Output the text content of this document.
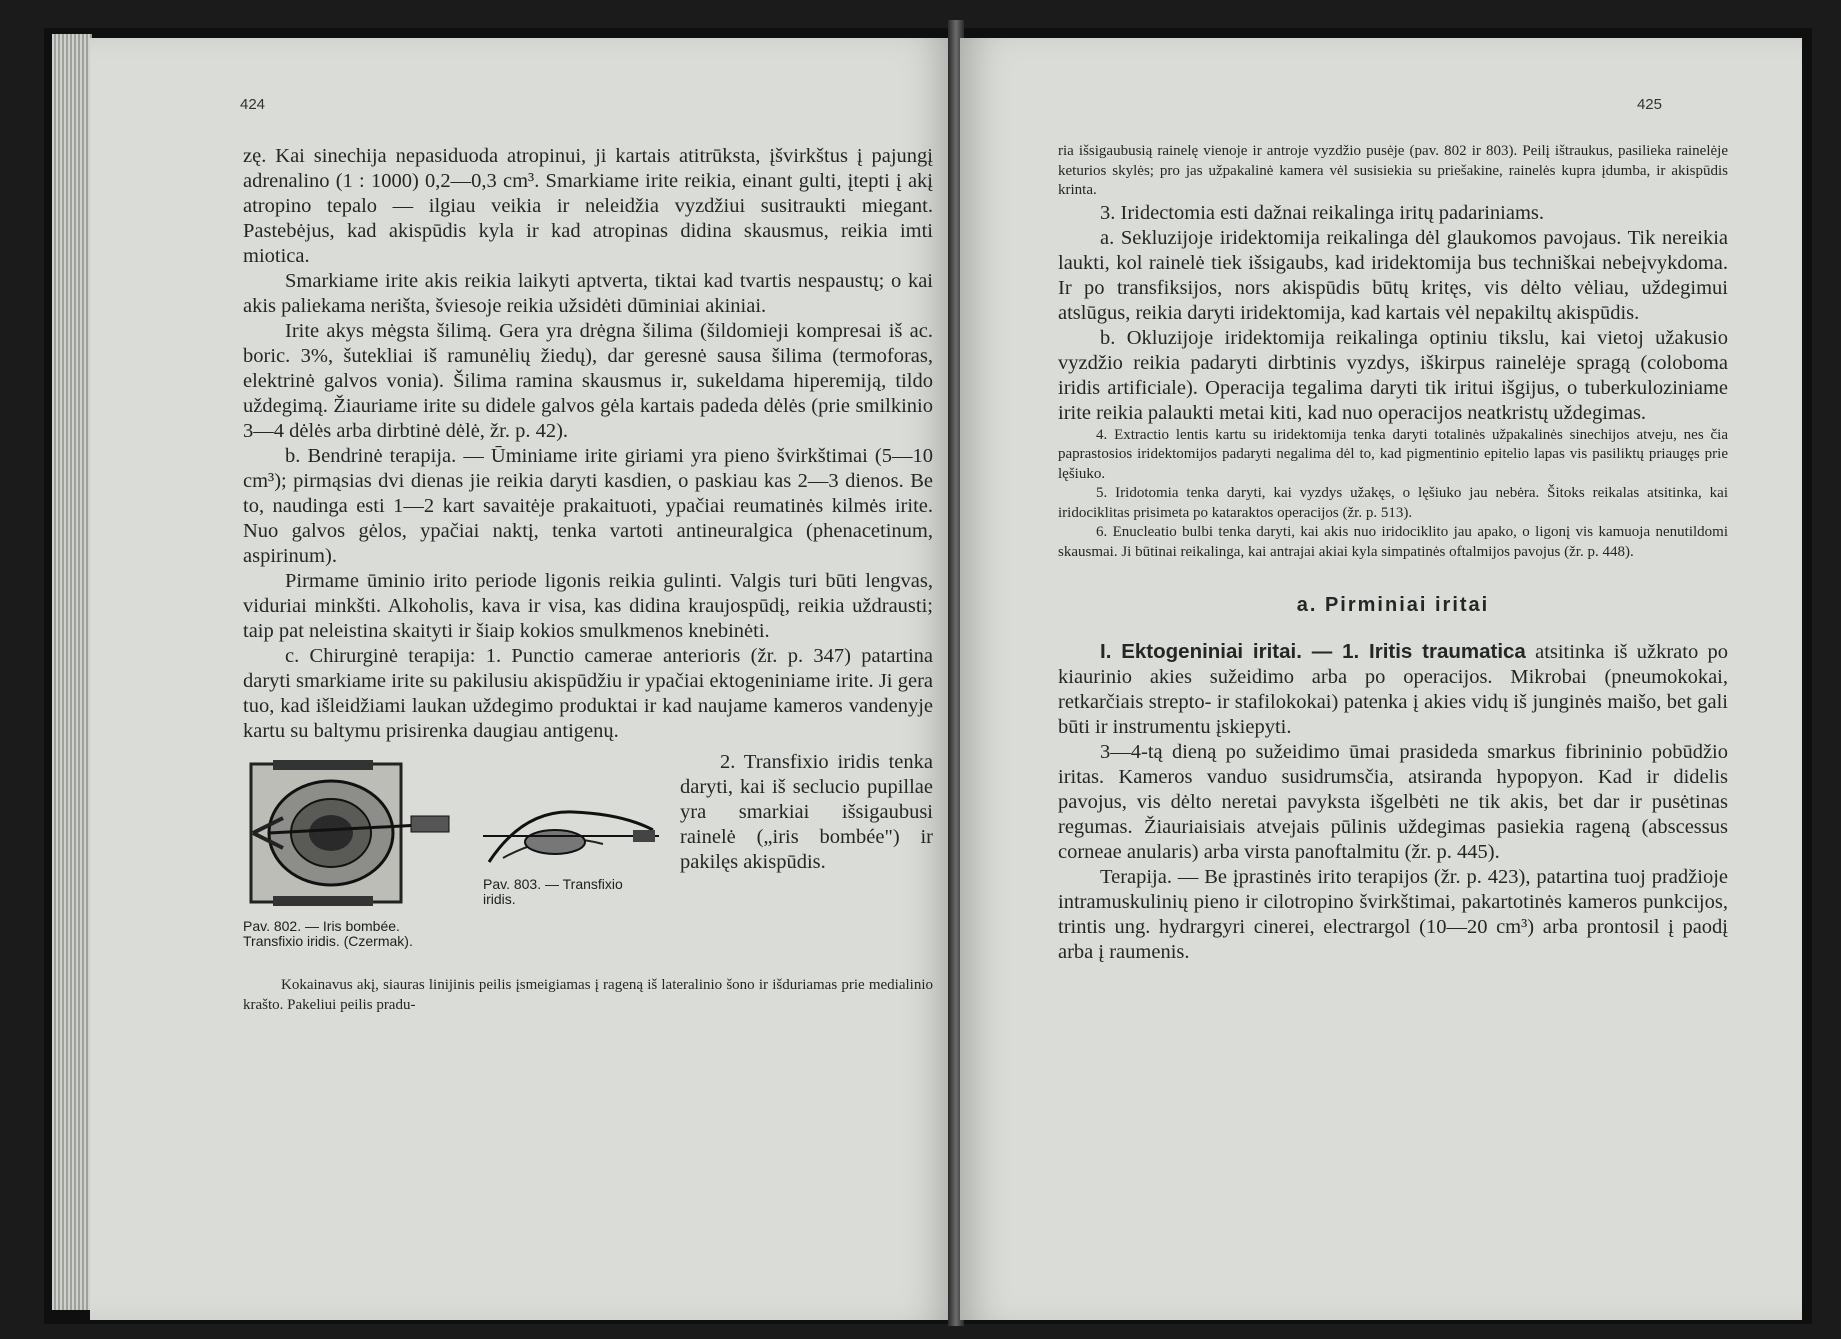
424

zę. Kai sinechija nepasiduoda atropinui, ji kartais atitrūksta, įšvirkštus į pajungį adrenalino (1 : 1000) 0,2—0,3 cm³. Smarkiame irite reikia, einant gulti, įtepti į akį atropino tepalo — ilgiau veikia ir neleidžia vyzdžiui susitraukti miegant. Pastebėjus, kad akispūdis kyla ir kad atropinas didina skausmus, reikia imti miotica.

Smarkiame irite akis reikia laikyti aptverta, tiktai kad tvartis nespaustų; o kai akis paliekama nerišta, šviesoje reikia užsidėti dūminiai akiniai.

Irite akys mėgsta šilimą. Gera yra drėgna šilima (šildomieji kompresai iš ac. boric. 3%, šutekliai iš ramunėlių žiedų), dar geresnė sausa šilima (termoforas, elektrinė galvos vonia). Šilima ramina skausmus ir, sukeldama hiperemiją, tildo uždegimą. Žiauriame irite su didele galvos gėla kartais padeda dėlės (prie smilkinio 3—4 dėlės arba dirbtinė dėlė, žr. p. 42).

b. Bendrinė terapija. — Ūminiame irite giriami yra pieno švirkštimai (5—10 cm³); pirmąsias dvi dienas jie reikia daryti kasdien, o paskiau kas 2—3 dienos. Be to, naudinga esti 1—2 kart savaitėje prakaituoti, ypačiai reumatinės kilmės irite. Nuo galvos gėlos, ypačiai naktį, tenka vartoti antineuralgica (phenacetinum, aspirinum).

Pirmame ūminio irito periode ligonis reikia gulinti. Valgis turi būti lengvas, viduriai minkšti. Alkoholis, kava ir visa, kas didina kraujospūdį, reikia uždrausti; taip pat neleistina skaityti ir šiaip kokios smulkmenos knebinėti.

c. Chirurginė terapija: 1. Punctio camerae anterioris (žr. p. 347) patartina daryti smarkiame irite su pakilusiu akispūdžiu ir ypačiai ektogeniniame irite. Ji gera tuo, kad išleidžiami laukan uždegimo produktai ir kad naujame kameros vandenyje kartu su baltymu prisirenka daugiau antigenų.

Pav. 802. — Iris bombée. Transfixio iridis. (Czermak).
Pav. 803. — Transfixio iridis.

2. Transfixio iridis tenka daryti, kai iš seclucio pupillae yra smarkiai išsigaubusi rainelė („iris bombée") ir pakilęs akispūdis.

Kokainavus akį, siauras linijinis peilis įsmeigiamas į rageną iš lateralinio šono ir išduriamas prie medialinio krašto. Pakeliui peilis pradu-

425

ria išsigaubusią rainelę vienoje ir antroje vyzdžio pusėje (pav. 802 ir 803). Peilį ištraukus, pasilieka rainelėje keturios skylės; pro jas užpakalinė kamera vėl susisiekia su priešakine, rainelės kupra įdumba, ir akispūdis krinta.

3. Iridectomia esti dažnai reikalinga iritų padariniams.

a. Sekluzijoje iridektomija reikalinga dėl glaukomos pavojaus. Tik nereikia laukti, kol rainelė tiek išsigaubs, kad iridektomija bus techniškai nebeįvykdoma. Ir po transfiksijos, nors akispūdis būtų kritęs, vis dėlto vėliau, uždegimui atslūgus, reikia daryti iridektomija, kad kartais vėl nepakiltų akispūdis.

b. Okluzijoje iridektomija reikalinga optiniu tikslu, kai vietoj užakusio vyzdžio reikia padaryti dirbtinis vyzdys, iškirpus rainelėje spragą (coloboma iridis artificiale). Operacija tegalima daryti tik iritui išgijus, o tuberkuloziniame irite reikia palaukti metai kiti, kad nuo operacijos neatkristų uždegimas.

4. Extractio lentis kartu su iridektomija tenka daryti totalinės užpakalinės sinechijos atveju, nes čia paprastosios iridektomijos padaryti negalima dėl to, kad pigmentinio epitelio lapas vis pasiliktų priaugęs prie lęšiuko.

5. Iridotomia tenka daryti, kai vyzdys užakęs, o lęšiuko jau nebėra. Šitoks reikalas atsitinka, kai iridociklitas prisimeta po kataraktos operacijos (žr. p. 513).

6. Enucleatio bulbi tenka daryti, kai akis nuo iridociklito jau apako, o ligonį vis kamuoja nenutildomi skausmai. Ji būtinai reikalinga, kai antrajai akiai kyla simpatinės oftalmijos pavojus (žr. p. 448).

a. Pirminiai iritai

I. Ektogeniniai iritai. — 1. Iritis traumatica atsitinka iš užkrato po kiaurinio akies sužeidimo arba po operacijos. Mikrobai (pneumokokai, retkarčiais strepto- ir stafilokokai) patenka į akies vidų iš junginės maišo, bet gali būti ir instrumentu įskiepyti.

3—4-tą dieną po sužeidimo ūmai prasideda smarkus fibrininio pobūdžio iritas. Kameros vanduo susidrumsčia, atsiranda hypopyon. Kad ir didelis pavojus, vis dėlto neretai pavyksta išgelbėti ne tik akis, bet dar ir pusėtinas regumas. Žiauriaisiais atvejais pūlinis uždegimas pasiekia rageną (abscessus corneae anularis) arba virsta panoftalmitu (žr. p. 445).

Terapija. — Be įprastinės irito terapijos (žr. p. 423), patartina tuoj pradžioje intramuskulinių pieno ir cilotropino švirkštimai, pakartotinės kameros punkcijos, trintis ung. hydrargyri cinerei, electrargol (10—20 cm³) arba prontosil į paodį arba į raumenis.
